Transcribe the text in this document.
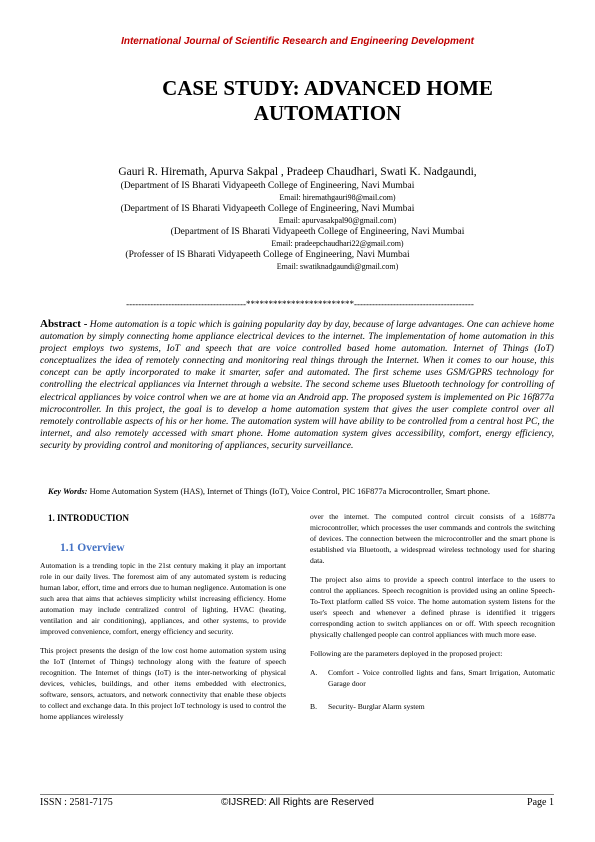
International Journal of Scientific Research and Engineering Development
CASE STUDY: ADVANCED HOME
AUTOMATION
Gauri R. Hiremath, Apurva Sakpal , Pradeep Chaudhari, Swati K. Nadgaundi,
(Department of IS Bharati Vidyapeeth College of Engineering, Navi Mumbai
Email: hiremathgauri98@mail.com)
(Department of IS Bharati Vidyapeeth College of Engineering, Navi Mumbai
Email: apurvasakpal90@gmail.com)
(Department of IS Bharati Vidyapeeth College of Engineering, Navi Mumbai
Email: pradeepchaudhari22@gmail.com)
(Professer of IS Bharati Vidyapeeth College of Engineering, Navi Mumbai
Email: swatiknadgaundi@gmail.com)
----------------------------------------************************----------------------------------------
Abstract - Home automation is a topic which is gaining popularity day by day, because of large advantages. One can achieve home automation by simply connecting home appliance electrical devices to the internet. The implementation of home automation in this project employs two systems, IoT and speech that are voice controlled based home automation. Internet of Things (IoT) conceptualizes the idea of remotely connecting and monitoring real things through the Internet. When it comes to our house, this concept can be aptly incorporated to make it smarter, safer and automated. The first scheme uses GSM/GPRS technology for controlling the electrical appliances via Internet through a website. The second scheme uses Bluetooth technology for controlling of electrical appliances by voice control when we are at home via an Android app. The proposed system is implemented on Pic 16f877a microcontroller. In this project, the goal is to develop a home automation system that gives the user complete control over all remotely controllable aspects of his or her home. The automation system will have ability to be controlled from a central host PC, the internet, and also remotely accessed with smart phone. Home automation system gives accessibility, comfort, energy efficiency, security by providing control and monitoring of appliances, security surveillance.
Key Words: Home Automation System (HAS), Internet of Things (IoT), Voice Control, PIC 16F877a Microcontroller, Smart phone.
1. INTRODUCTION
1.1 Overview

Automation is a trending topic in the 21st century making it play an important role in our daily lives. The foremost aim of any automated system is reducing human labor, effort, time and errors due to human negligence. Automation is one such area that aims that achieves simplicity whilst increasing efficiency. Home automation may include centralized control of lighting, HVAC (heating, ventilation and air conditioning), appliances, and other systems, to provide improved convenience, comfort, energy efficiency and security.

This project presents the design of the low cost home automation system using the IoT (Internet of Things) technology along with the feature of speech recognition. The Internet of things (IoT) is the inter-networking of physical devices, vehicles, buildings, and other items embedded with electronics, software, sensors, actuators, and network connectivity that enable these objects to collect and exchange data. In this project IoT technology is used to control the home appliances wirelessly

over the internet. The computed control circuit consists of a 16f877a microcontroller, which processes the user commands and controls the switching of devices. The connection between the microcontroller and the smart phone is established via Bluetooth, a widespread wireless technology used for sharing data.

The project also aims to provide a speech control interface to the users to control the appliances. Speech recognition is provided using an online Speech-To-Text platform called SS voice. The home automation system listens for the user's speech and whenever a defined phrase is identified it triggers corresponding action to switch appliances on or off. With speech recognition physically challenged people can control appliances with much more ease.

Following are the parameters deployed in the proposed project:

A.	Comfort - Voice controlled lights and fans, Smart Irrigation, Automatic Garage door
B.	Security- Burglar Alarm system
ISSN : 2581-7175	©IJSRED: All Rights are Reserved	Page 1
